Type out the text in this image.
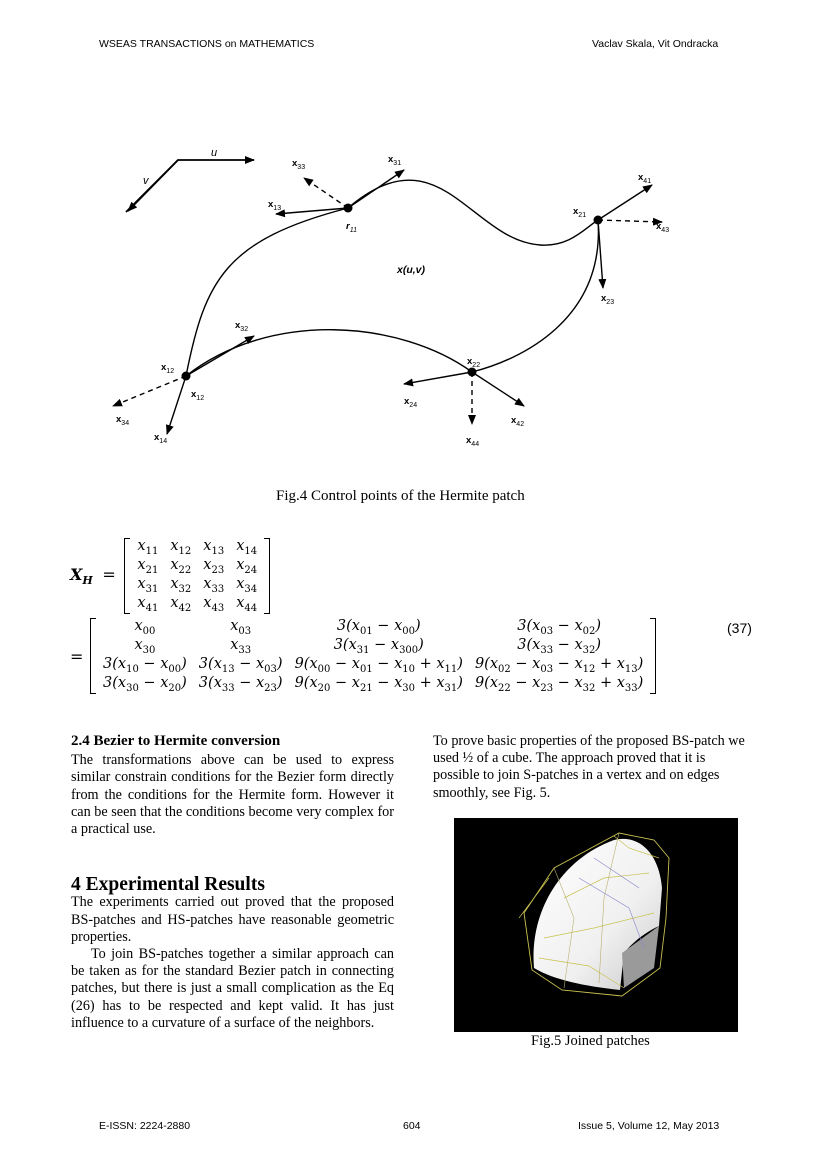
WSEAS TRANSACTIONS on MATHEMATICS	Vaclav Skala, Vit Ondracka
u
v
$x_{33}$
$x_{31}$
$x_{13}$
$r_{11}$
$x_{41}$
$x_{21}$
$x_{43}$
x(u,v)
$x_{23}$
$x_{32}$
$x_{12}$
$x_{12}$
$x_{22}$
$x_{34}$
$x_{14}$
$x_{24}$
$x_{42}$
$x_{44}$
Fig.4 Control points of the Hermite patch
$X_H$ =
$x_{11}$	$x_{12}$	$x_{13}$	$x_{14}$
$x_{21}$	$x_{22}$	$x_{23}$	$x_{24}$
$x_{31}$	$x_{32}$	$x_{33}$	$x_{34}$
$x_{41}$	$x_{42}$	$x_{43}$	$x_{44}$
=
$x_{00}$	$x_{03}$	$3(x_{01} - x_{00})$	$3(x_{03} - x_{02})$
$x_{30}$	$x_{33}$	$3(x_{31} - x_{300})$	$3(x_{33} - x_{32})$
$3(x_{10} - x_{00})$	$3(x_{13} - x_{03})$	$9(x_{00} - x_{01} - x_{10} + x_{11})$	$9(x_{02} - x_{03} - x_{12} + x_{13})$
$3(x_{30} - x_{20})$	$3(x_{33} - x_{23})$	$9(x_{20} - x_{21} - x_{30} + x_{31})$	$9(x_{22} - x_{23} - x_{32} + x_{33})$
(37)
2.4 Bezier to Hermite conversion

The transformations above can be used to express similar constrain conditions for the Bezier form directly from the conditions for the Hermite form. However it can be seen that the conditions become very complex for a practical use.

4 Experimental Results

The experiments carried out proved that the proposed BS-patches and HS-patches have reasonable geometric properties.

To join BS-patches together a similar approach can be taken as for the standard Bezier patch in connecting patches, but there is just a small complication as the Eq (26) has to be respected and kept valid. It has just influence to a curvature of a surface of the neighbors.

To prove basic properties of the proposed BS-patch we used ½ of a cube. The approach proved that it is possible to join S-patches in a vertex and on edges smoothly, see Fig. 5.

Fig.5 Joined patches
E-ISSN: 2224-2880	604	Issue 5, Volume 12, May 2013
